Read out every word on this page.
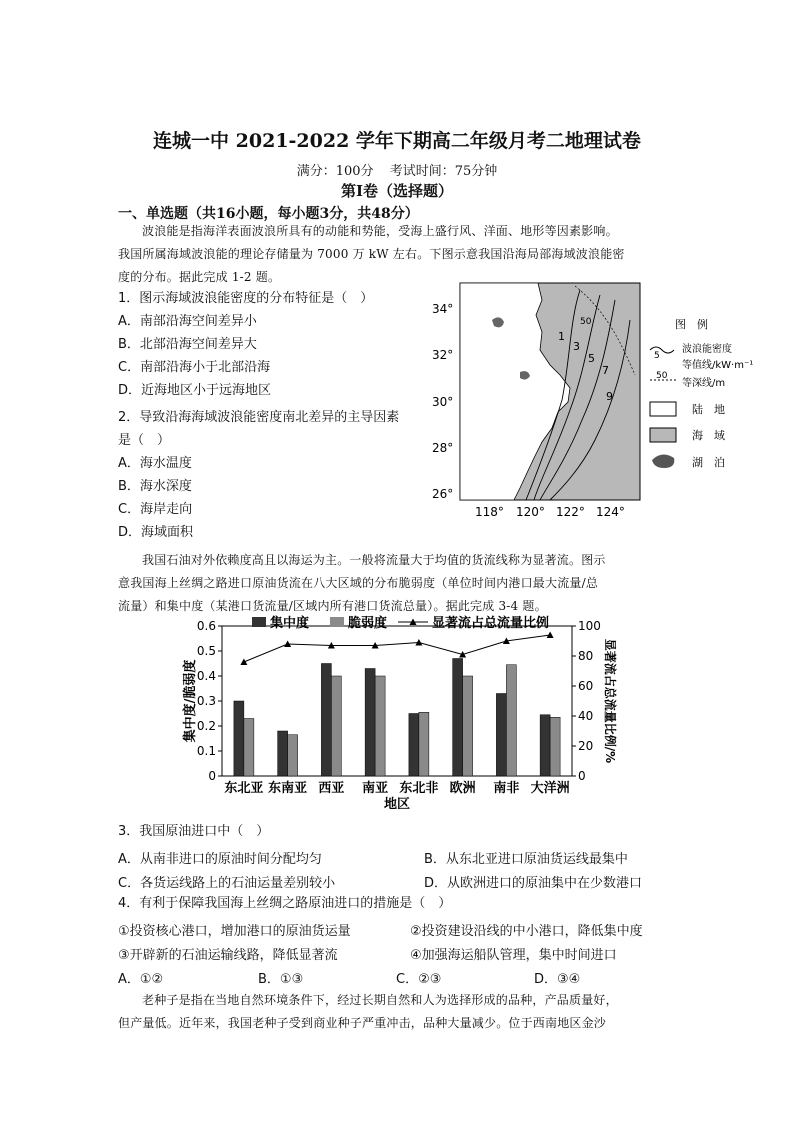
连城一中 2021-2022 学年下期高二年级月考二地理试卷
满分：100分 考试时间：75分钟
第Ⅰ卷（选择题）
一、单选题（共16小题，每小题3分，共48分）
波浪能是指海洋表面波浪所具有的动能和势能，受海上盛行风、洋面、地形等因素影响。
我国所属海域波浪能的理论存储量为 7000 万 kW 左右。下图示意我国沿海局部海域波浪能密
度的分布。据此完成 1-2 题。
1．图示海域波浪能密度的分布特征是（　）
A．南部沿海空间差异小
B．北部沿海空间差异大
C．南部沿海小于北部沿海
D．近海地区小于远海地区
2．导致沿海海域波浪能密度南北差异的主导因素
是（　）
A．海水温度
B．海水深度
C．海岸走向
D．海域面积
1
3
5
7
9
50
34°
32°
30°
28°
26°
118° 120° 122° 124°
图　例
5
波浪能密度
等值线/kW·m⁻¹
50
等深线/m
陆　地
海　域
湖　泊
我国石油对外依赖度高且以海运为主。一般将流量大于均值的货流线称为显著流。图示
意我国海上丝绸之路进口原油货流在八大区域的分布脆弱度（单位时间内港口最大流量/总
流量）和集中度（某港口货流量/区域内所有港口货流总量）。据此完成 3-4 题。
0
0.1
0.2
0.3
0.4
0.5
0.6
0
20
40
60
80
100
东北亚 东南亚 西亚 南亚 东北非 欧洲 南非 大洋洲
地区
集中度/脆弱度	显著流占总流量比例/%
集中度	脆弱度	显著流占总流量比例
3．我国原油进口中（　）
A．从南非进口的原油时间分配均匀	B．从东北亚进口原油货运线最集中
C．各货运线路上的石油运量差别较小	D．从欧洲进口的原油集中在少数港口
4．有利于保障我国海上丝绸之路原油进口的措施是（　）
①投资核心港口，增加港口的原油货运量	②投资建设沿线的中小港口，降低集中度
③开辟新的石油运输线路，降低显著流	④加强海运船队管理，集中时间进口
A．①②	B．①③	C．②③	D．③④
老种子是指在当地自然环境条件下，经过长期自然和人为选择形成的品种，产品质量好，
但产量低。近年来，我国老种子受到商业种子严重冲击，品种大量减少。位于西南地区金沙
